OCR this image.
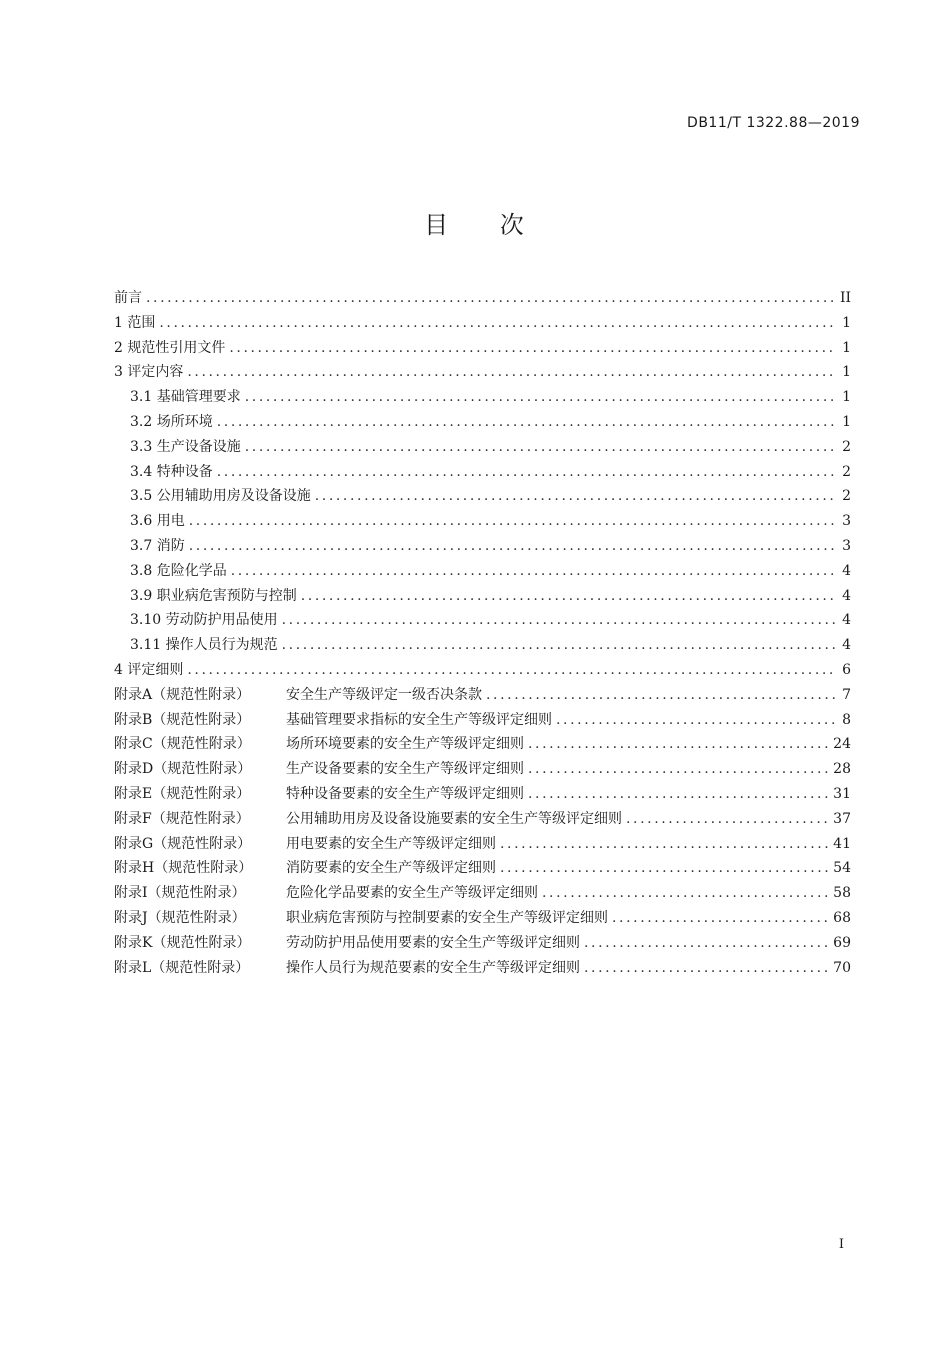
DB11/T 1322.88—2019
目 次
前言 .....	II
1 范围 .....	1
2 规范性引用文件 .....	1
3 评定内容 .....	1
3.1 基础管理要求 .....	1
3.2 场所环境 .....	1
3.3 生产设备设施 .....	2
3.4 特种设备 .....	2
3.5 公用辅助用房及设备设施 .....	2
3.6 用电 .....	3
3.7 消防 .....	3
3.8 危险化学品 .....	4
3.9 职业病危害预防与控制 .....	4
3.10 劳动防护用品使用 .....	4
3.11 操作人员行为规范 .....	4
4 评定细则 .....	6
附录A（规范性附录）	安全生产等级评定一级否决条款 .....	7
附录B（规范性附录）	基础管理要求指标的安全生产等级评定细则 .....	8
附录C（规范性附录）	场所环境要素的安全生产等级评定细则 .....	24
附录D（规范性附录） 生产设备要素的安全生产等级评定细则 .....	28
附录E（规范性附录）	特种设备要素的安全生产等级评定细则 .....	31
附录F（规范性附录）	公用辅助用房及设备设施要素的安全生产等级评定细则 .....	37
附录G（规范性附录） 用电要素的安全生产等级评定细则 .....	41
附录H（规范性附录） 消防要素的安全生产等级评定细则 .....	54
附录I（规范性附录）	危险化学品要素的安全生产等级评定细则 .....	58
附录J（规范性附录）	职业病危害预防与控制要素的安全生产等级评定细则 .....	68
附录K（规范性附录）	劳动防护用品使用要素的安全生产等级评定细则 .....	69
附录L（规范性附录）	操作人员行为规范要素的安全生产等级评定细则 .....	70
I
